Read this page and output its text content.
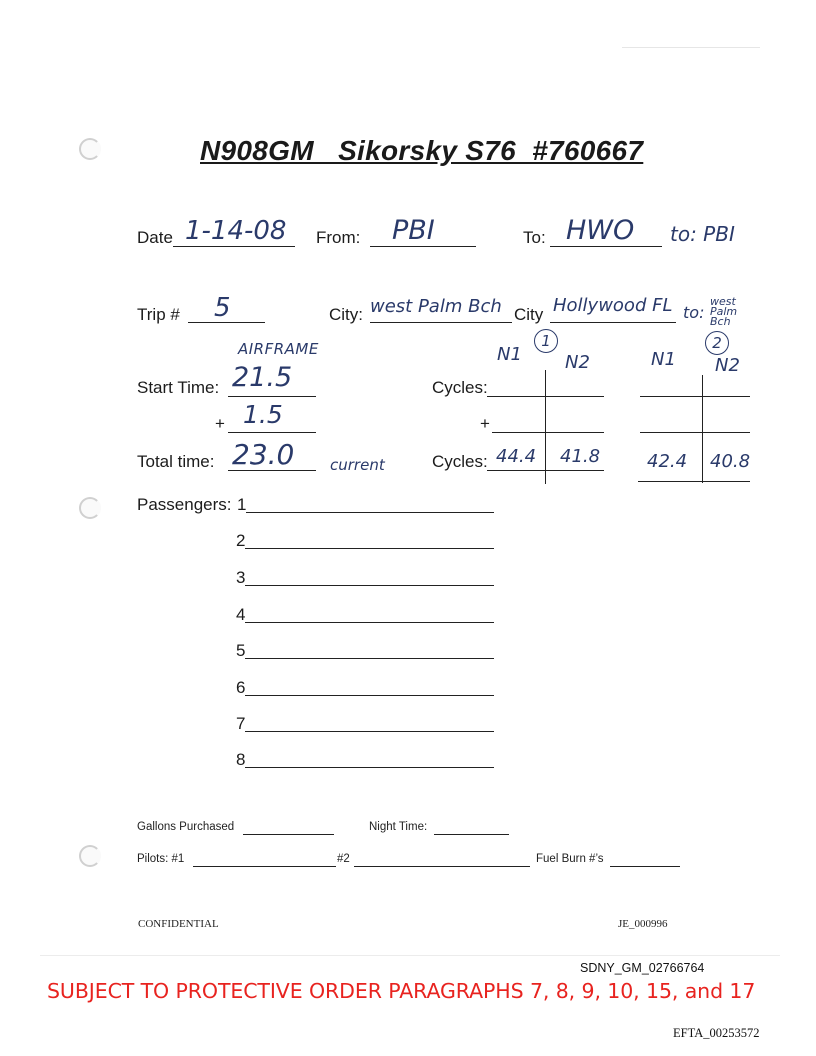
N908GM   Sikorsky S76  #760667
Date 1-14-08 From: PBI	To: HWO to: PBI
Trip # 5	City: west Palm Bch City Hollywood FL to:
west Palm Bch
AIRFRAME	1	2
N1 N2	N1 N2
Start Time: 21.5	Cycles:
+ 1.5	+
Total time: 23.0 current	Cycles: 44.4 41.8	42.4 40.8
Passengers: 1
2
3
4
5
6
7
8
Gallons Purchased	Night Time:
Pilots: #1	#2	Fuel Burn #’s
CONFIDENTIAL	JE_000996
SDNY_GM_02766764
SUBJECT TO PROTECTIVE ORDER PARAGRAPHS 7, 8, 9, 10, 15, and 17
EFTA_00253572
